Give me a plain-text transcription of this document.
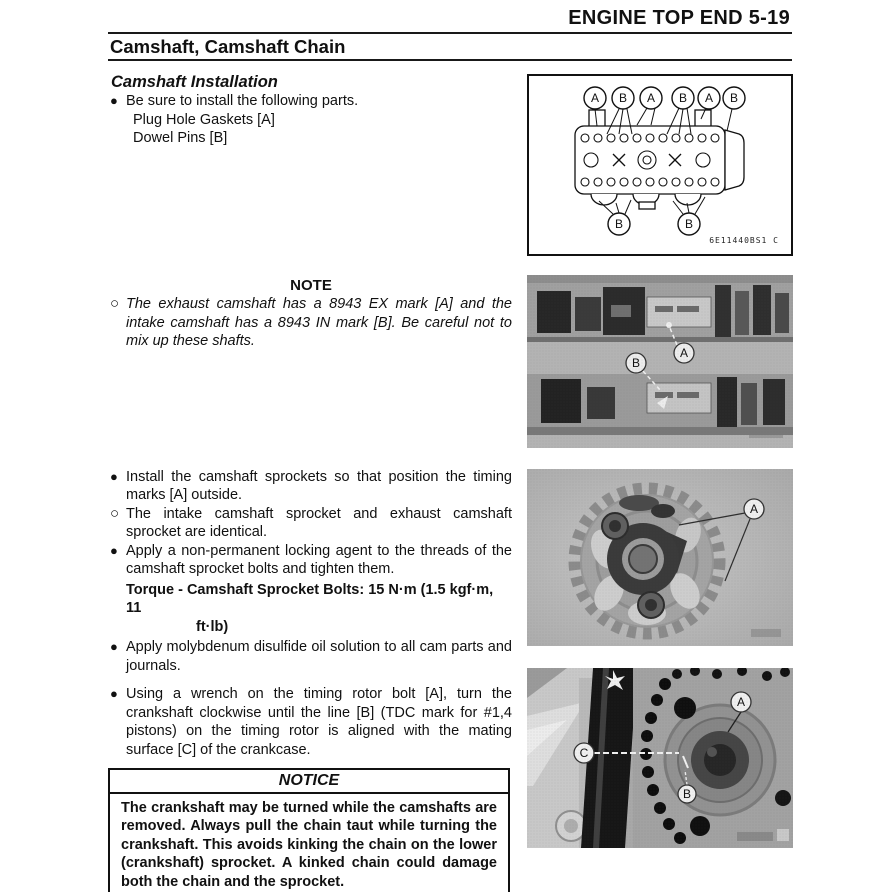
ENGINE TOP END 5-19
Camshaft, Camshaft Chain
Camshaft Installation
● Be sure to install the following parts.
Plug Hole Gaskets [A]
Dowel Pins [B]
NOTE
○ The exhaust camshaft has a 8943 EX mark [A] and the intake camshaft has a 8943 IN mark [B]. Be careful not to mix up these shafts.
● Install the camshaft sprockets so that position the timing marks [A] outside.
○ The intake camshaft sprocket and exhaust camshaft sprocket are identical.
● Apply a non-permanent locking agent to the threads of the camshaft sprocket bolts and tighten them.
Torque - Camshaft Sprocket Bolts: 15 N·m (1.5 kgf·m, 11
ft·lb)
● Apply molybdenum disulfide oil solution to all cam parts and journals.
● Using a wrench on the timing rotor bolt [A], turn the crankshaft clockwise until the line [B] (TDC mark for #1,4 pistons) on the timing rotor is aligned with the mating surface [C] of the crankcase.
NOTICE
The crankshaft may be turned while the camshafts are removed. Always pull the chain taut while turning the crankshaft. This avoids kinking the chain on the lower (crankshaft) sprocket. A kinked chain could damage both the chain and the sprocket.
A B A B A B
B	B
6E11440BS1 C
B
A
A
A
C
B
